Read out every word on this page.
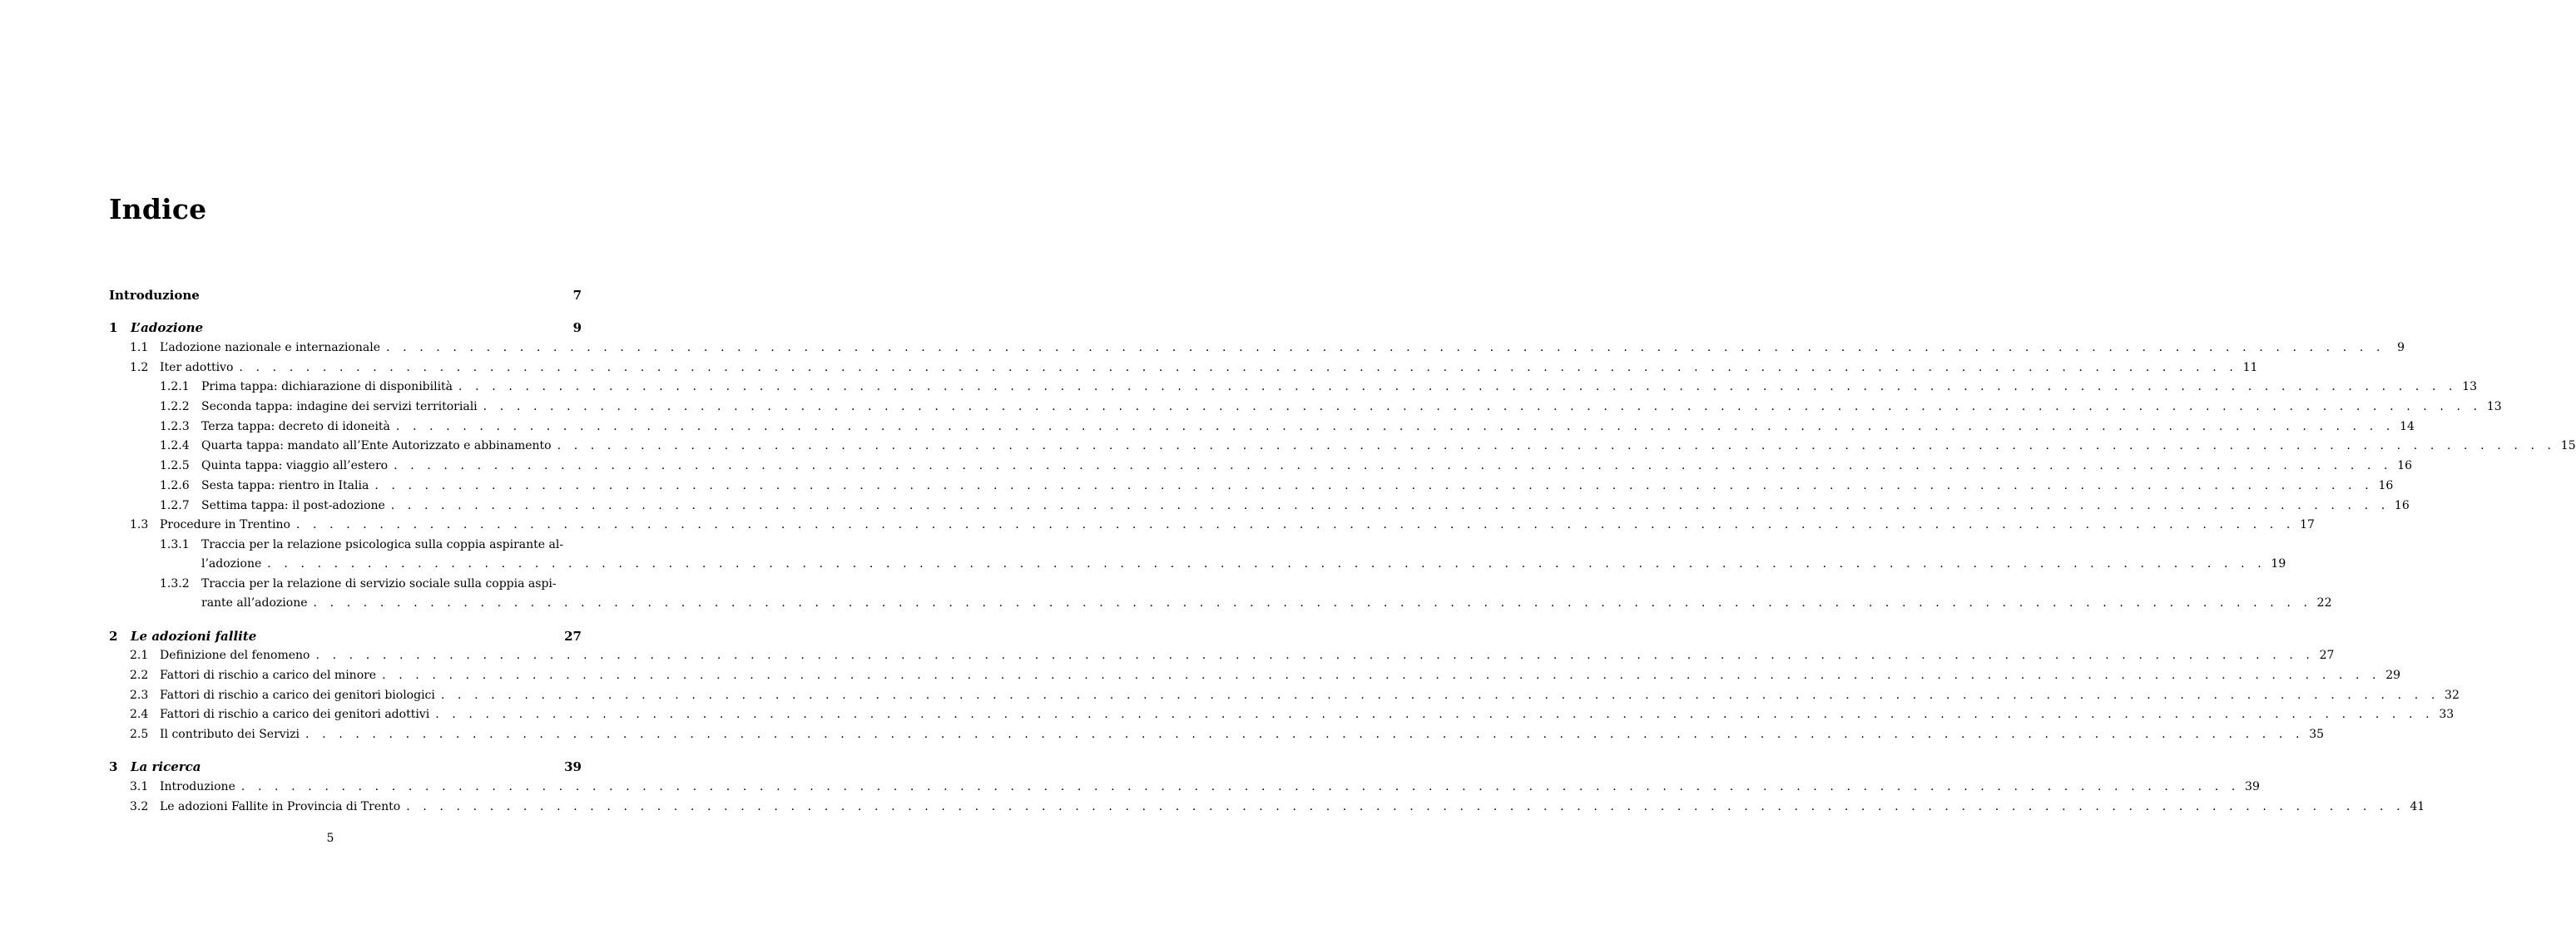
Indice
Introduzione	7
1	L’adozione	9
1.1 L’adozione nazionale e internazionale . . . . . . . . . . . . . . . . . . . . . . . . . . . . . . . . . . . . . . . . . . . . . . . . . . . . . . . . . . . . . . . . . . . . . . . . . . . . . . . . . . . . . . . . . . . . . . . . . . . . . . . . . . . . . . . . . . . . . . . .	9
1.2 Iter adottivo . . . . . . . . . . . . . . . . . . . . . . . . . . . . . . . . . . . . . . . . . . . . . . . . . . . . . . . . . . . . . . . . . . . . . . . . . . . . . . . . . . . . . . . . . . . . . . . . . . . . . . . . . . . . . . . . . . . . . . . . 11
1.2.1	Prima tappa: dichiarazione di disponibilità . . . . . . . . . . . . . . . . . . . . . . . . . . . . . . . . . . . . . . . . . . . . . . . . . . . . . . . . . . . . . . . . . . . . . . . . . . . . . . . . . . . . . . . . . . . . . . . . . . . . . . . . . . . . . . . . . . . . . . . . 13
1.2.2	Seconda tappa: indagine dei servizi territoriali . . . . . . . . . . . . . . . . . . . . . . . . . . . . . . . . . . . . . . . . . . . . . . . . . . . . . . . . . . . . . . . . . . . . . . . . . . . . . . . . . . . . . . . . . . . . . . . . . . . . . . . . . . . . . . . . . . . . . . . . 13
1.2.3	Terza tappa: decreto di idoneità . . . . . . . . . . . . . . . . . . . . . . . . . . . . . . . . . . . . . . . . . . . . . . . . . . . . . . . . . . . . . . . . . . . . . . . . . . . . . . . . . . . . . . . . . . . . . . . . . . . . . . . . . . . . . . . . . . . . . . . . 14
1.2.4	Quarta tappa: mandato all’Ente Autorizzato e abbinamento . . . . . . . . . . . . . . . . . . . . . . . . . . . . . . . . . . . . . . . . . . . . . . . . . . . . . . . . . . . . . . . . . . . . . . . . . . . . . . . . . . . . . . . . . . . . . . . . . . . . . . . . . . . . . . . . . . . . . . . . 15
1.2.5	Quinta tappa: viaggio all’estero . . . . . . . . . . . . . . . . . . . . . . . . . . . . . . . . . . . . . . . . . . . . . . . . . . . . . . . . . . . . . . . . . . . . . . . . . . . . . . . . . . . . . . . . . . . . . . . . . . . . . . . . . . . . . . . . . . . . . . . . 16
1.2.6	Sesta tappa: rientro in Italia . . . . . . . . . . . . . . . . . . . . . . . . . . . . . . . . . . . . . . . . . . . . . . . . . . . . . . . . . . . . . . . . . . . . . . . . . . . . . . . . . . . . . . . . . . . . . . . . . . . . . . . . . . . . . . . . . . . . . . . . 16
1.2.7	Settima tappa: il post-adozione . . . . . . . . . . . . . . . . . . . . . . . . . . . . . . . . . . . . . . . . . . . . . . . . . . . . . . . . . . . . . . . . . . . . . . . . . . . . . . . . . . . . . . . . . . . . . . . . . . . . . . . . . . . . . . . . . . . . . . . . 16
1.3 Procedure in Trentino . . . . . . . . . . . . . . . . . . . . . . . . . . . . . . . . . . . . . . . . . . . . . . . . . . . . . . . . . . . . . . . . . . . . . . . . . . . . . . . . . . . . . . . . . . . . . . . . . . . . . . . . . . . . . . . . . . . . . . . . 17
1.3.1	Traccia per la relazione psicologica sulla coppia aspirante al-
l’adozione . . . . . . . . . . . . . . . . . . . . . . . . . . . . . . . . . . . . . . . . . . . . . . . . . . . . . . . . . . . . . . . . . . . . . . . . . . . . . . . . . . . . . . . . . . . . . . . . . . . . . . . . . . . . . . . . . . . . . . . . 19
1.3.2	Traccia per la relazione di servizio sociale sulla coppia aspi-
rante all’adozione . . . . . . . . . . . . . . . . . . . . . . . . . . . . . . . . . . . . . . . . . . . . . . . . . . . . . . . . . . . . . . . . . . . . . . . . . . . . . . . . . . . . . . . . . . . . . . . . . . . . . . . . . . . . . . . . . . . . . . . . 22
2	Le adozioni fallite	27
2.1 Definizione del fenomeno . . . . . . . . . . . . . . . . . . . . . . . . . . . . . . . . . . . . . . . . . . . . . . . . . . . . . . . . . . . . . . . . . . . . . . . . . . . . . . . . . . . . . . . . . . . . . . . . . . . . . . . . . . . . . . . . . . . . . . . . 27
2.2 Fattori di rischio a carico del minore . . . . . . . . . . . . . . . . . . . . . . . . . . . . . . . . . . . . . . . . . . . . . . . . . . . . . . . . . . . . . . . . . . . . . . . . . . . . . . . . . . . . . . . . . . . . . . . . . . . . . . . . . . . . . . . . . . . . . . . . 29
2.3 Fattori di rischio a carico dei genitori biologici . . . . . . . . . . . . . . . . . . . . . . . . . . . . . . . . . . . . . . . . . . . . . . . . . . . . . . . . . . . . . . . . . . . . . . . . . . . . . . . . . . . . . . . . . . . . . . . . . . . . . . . . . . . . . . . . . . . . . . . . 32
2.4 Fattori di rischio a carico dei genitori adottivi . . . . . . . . . . . . . . . . . . . . . . . . . . . . . . . . . . . . . . . . . . . . . . . . . . . . . . . . . . . . . . . . . . . . . . . . . . . . . . . . . . . . . . . . . . . . . . . . . . . . . . . . . . . . . . . . . . . . . . . . 33
2.5 Il contributo dei Servizi . . . . . . . . . . . . . . . . . . . . . . . . . . . . . . . . . . . . . . . . . . . . . . . . . . . . . . . . . . . . . . . . . . . . . . . . . . . . . . . . . . . . . . . . . . . . . . . . . . . . . . . . . . . . . . . . . . . . . . . . 35
3	La ricerca	39
3.1 Introduzione . . . . . . . . . . . . . . . . . . . . . . . . . . . . . . . . . . . . . . . . . . . . . . . . . . . . . . . . . . . . . . . . . . . . . . . . . . . . . . . . . . . . . . . . . . . . . . . . . . . . . . . . . . . . . . . . . . . . . . . . 39
3.2 Le adozioni Fallite in Provincia di Trento . . . . . . . . . . . . . . . . . . . . . . . . . . . . . . . . . . . . . . . . . . . . . . . . . . . . . . . . . . . . . . . . . . . . . . . . . . . . . . . . . . . . . . . . . . . . . . . . . . . . . . . . . . . . . . . . . . . . . . . . 41
5
